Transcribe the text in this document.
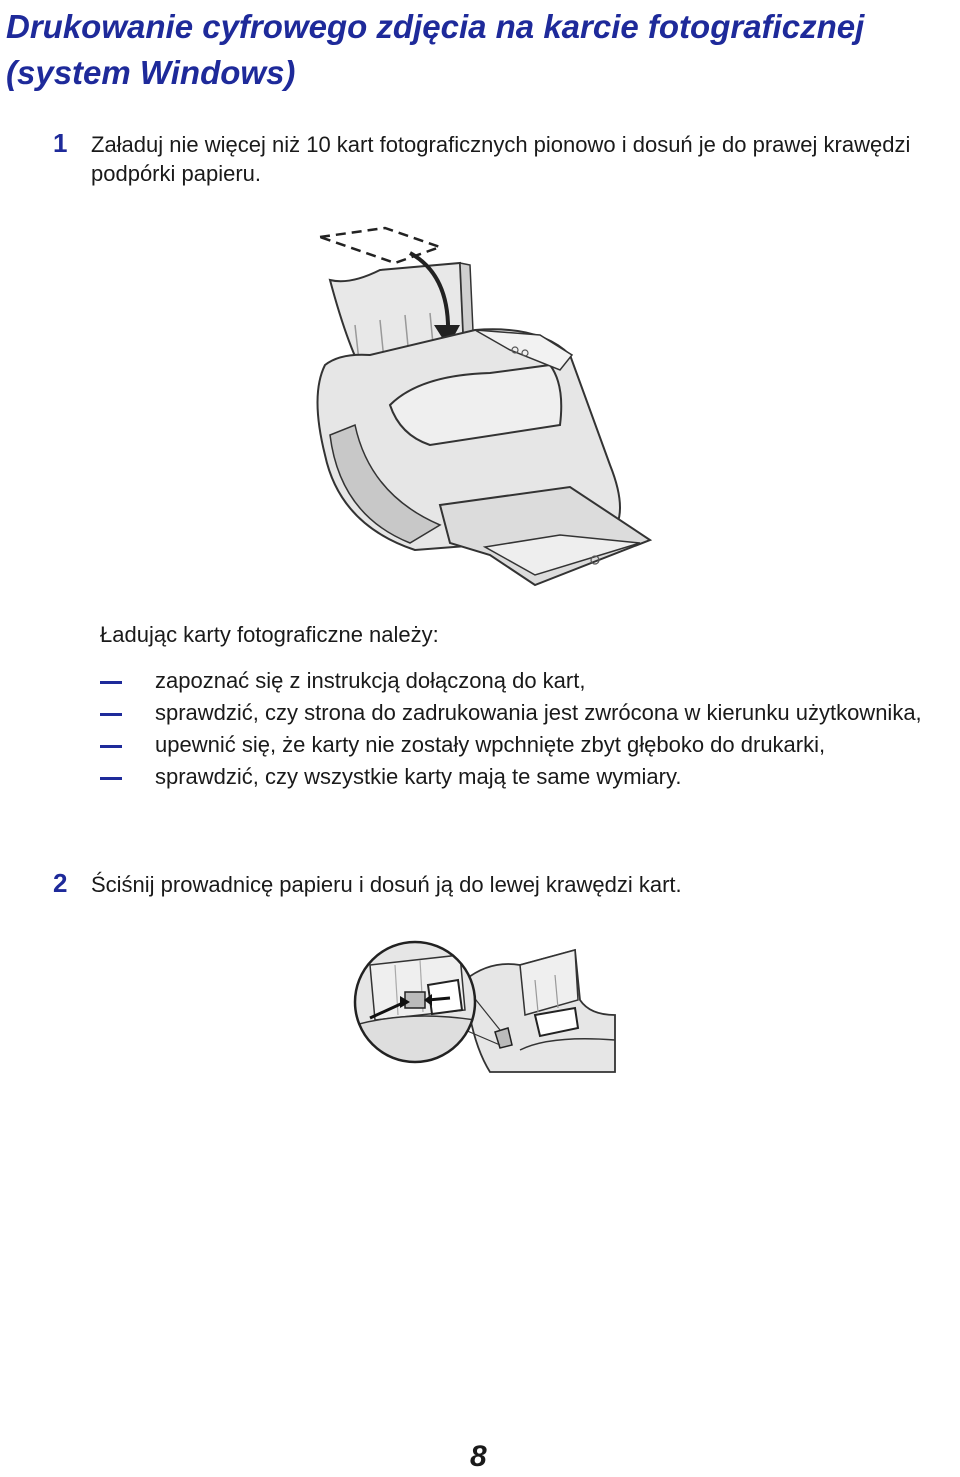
Drukowanie cyfrowego zdjęcia na karcie fotograficznej (system Windows)
1 Załaduj nie więcej niż 10 kart fotograficznych pionowo i dosuń je do prawej krawędzi podpórki papieru.
Ładując karty fotograficzne należy:
zapoznać się z instrukcją dołączoną do kart,
sprawdzić, czy strona do zadrukowania jest zwrócona w kierunku użytkownika,
upewnić się, że karty nie zostały wpchnięte zbyt głęboko do drukarki,
sprawdzić, czy wszystkie karty mają te same wymiary.
2 Ściśnij prowadnicę papieru i dosuń ją do lewej krawędzi kart.
8
